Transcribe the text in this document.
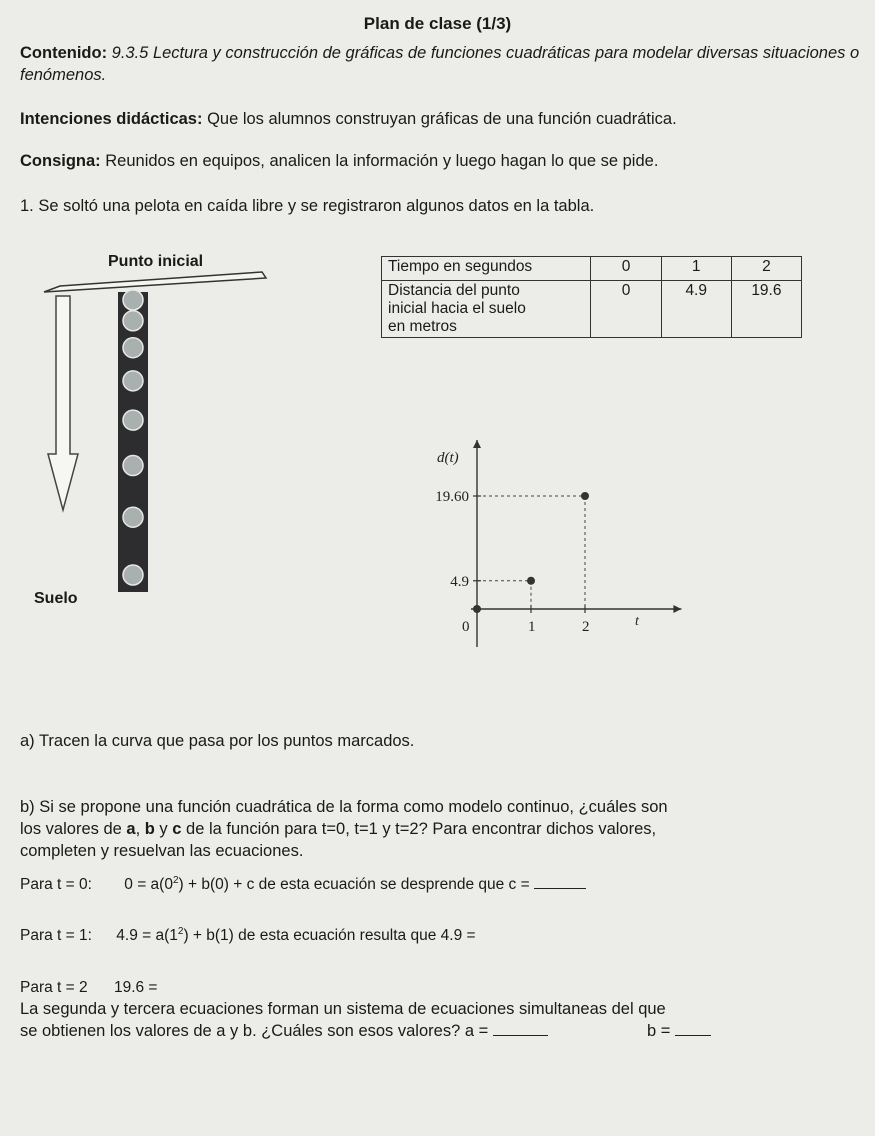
Plan de clase (1/3)
Contenido: 9.3.5 Lectura y construcción de gráficas de funciones cuadráticas para modelar diversas situaciones o fenómenos.
Intenciones didácticas: Que los alumnos construyan gráficas de una función cuadrática.
Consigna: Reunidos en equipos, analicen la información y luego hagan lo que se pide.
1. Se soltó una pelota en caída libre y se registraron algunos datos en la tabla.
Punto inicial
Suelo
Tiempo en segundos	0	1	2

Distancia del punto
inicial hacia el suelo
en metros	0	4.9	19.6
d(t)
t
0	1	2
4.9
19.60
a) Tracen la curva que pasa por los puntos marcados.
b) Si se propone una función cuadrática de la forma como modelo continuo, ¿cuáles son
los valores de a, b y c de la función para t=0, t=1 y t=2? Para encontrar dichos valores,
completen y resuelvan las ecuaciones.
Para t = 0: $0 = a(0^2) + b(0) + c$ de esta ecuación se desprende que c =
Para t = 1: $4.9 = a(1^2) + b(1)$ de esta ecuación resulta que 4.9 =
Para t = 2 19.6 =
La segunda y tercera ecuaciones forman un sistema de ecuaciones simultaneas del que
se obtienen los valores de a y b. ¿Cuáles son esos valores? a =	b =
